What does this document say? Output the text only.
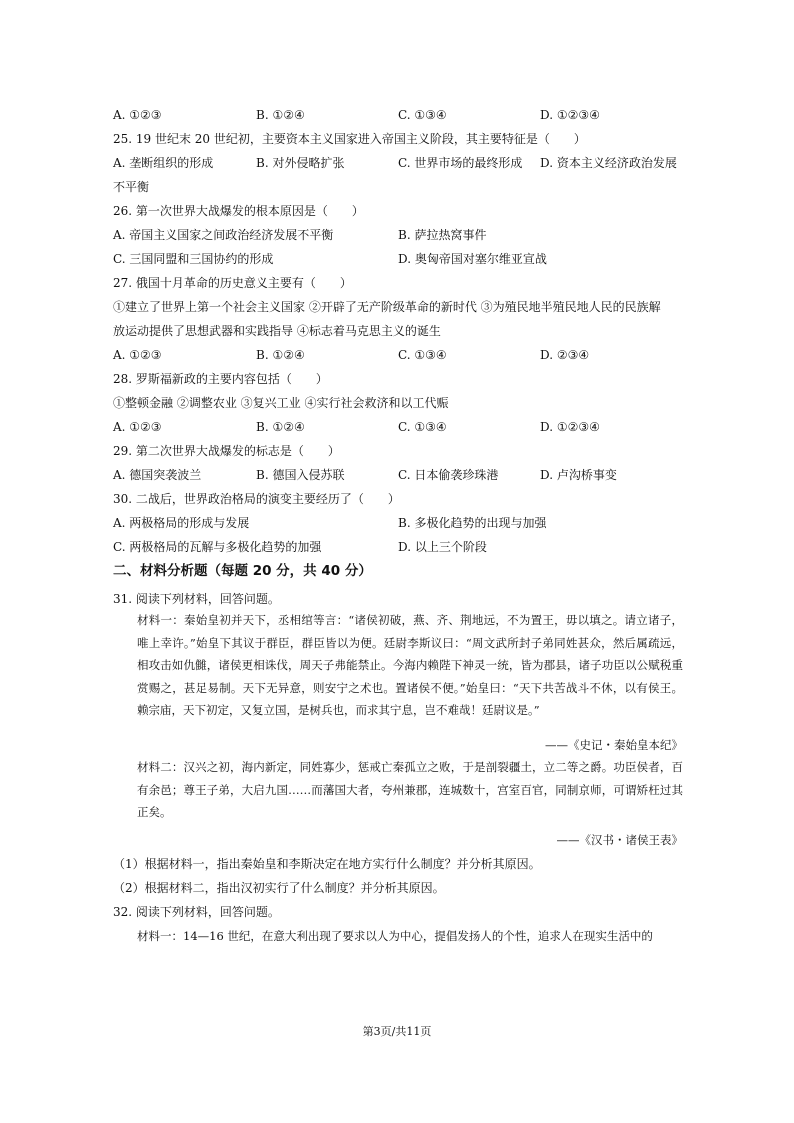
A. ①②③	B. ①②④	C. ①③④	D. ①②③④
25. 19 世纪末 20 世纪初，主要资本主义国家进入帝国主义阶段，其主要特征是（　　）
A. 垄断组织的形成	B. 对外侵略扩张	C. 世界市场的最终形成 D. 资本主义经济政治发展
不平衡
26. 第一次世界大战爆发的根本原因是（　　）
A. 帝国主义国家之间政治经济发展不平衡	B. 萨拉热窝事件
C. 三国同盟和三国协约的形成	D. 奥匈帝国对塞尔维亚宣战
27. 俄国十月革命的历史意义主要有（　　）
①建立了世界上第一个社会主义国家 ②开辟了无产阶级革命的新时代 ③为殖民地半殖民地人民的民族解
放运动提供了思想武器和实践指导 ④标志着马克思主义的诞生
A. ①②③	B. ①②④	C. ①③④	D. ②③④
28. 罗斯福新政的主要内容包括（　　）
①整顿金融 ②调整农业 ③复兴工业 ④实行社会救济和以工代赈
A. ①②③	B. ①②④	C. ①③④	D. ①②③④
29. 第二次世界大战爆发的标志是（　　）
A. 德国突袭波兰	B. 德国入侵苏联	C. 日本偷袭珍珠港	D. 卢沟桥事变
30. 二战后，世界政治格局的演变主要经历了（　　）
A. 两极格局的形成与发展	B. 多极化趋势的出现与加强
C. 两极格局的瓦解与多极化趋势的加强	D. 以上三个阶段
二、材料分析题（每题 20 分，共 40 分）
31. 阅读下列材料，回答问题。
材料一：秦始皇初并天下，丞相绾等言：“诸侯初破，燕、齐、荆地远，不为置王，毋以填之。请立诸子，唯上幸许。”始皇下其议于群臣，群臣皆以为便。廷尉李斯议曰：“周文武所封子弟同姓甚众，然后属疏远，相攻击如仇雠，诸侯更相诛伐，周天子弗能禁止。今海内赖陛下神灵一统，皆为郡县，诸子功臣以公赋税重赏赐之，甚足易制。天下无异意，则安宁之术也。置诸侯不便。”始皇曰：“天下共苦战斗不休，以有侯王。赖宗庙，天下初定，又复立国，是树兵也，而求其宁息，岂不难哉！廷尉议是。”
——《史记・秦始皇本纪》
材料二：汉兴之初，海内新定，同姓寡少，惩戒亡秦孤立之败，于是剖裂疆土，立二等之爵。功臣侯者，百有余邑；尊王子弟，大启九国……而藩国大者，夸州兼郡，连城数十，宫室百官，同制京师，可谓矫枉过其正矣。
——《汉书・诸侯王表》
（1）根据材料一，指出秦始皇和李斯决定在地方实行什么制度？并分析其原因。
（2）根据材料二，指出汉初实行了什么制度？并分析其原因。
32. 阅读下列材料，回答问题。
材料一：14—16 世纪，在意大利出现了要求以人为中心，提倡发扬人的个性，追求人在现实生活中的
第3页/共11页
